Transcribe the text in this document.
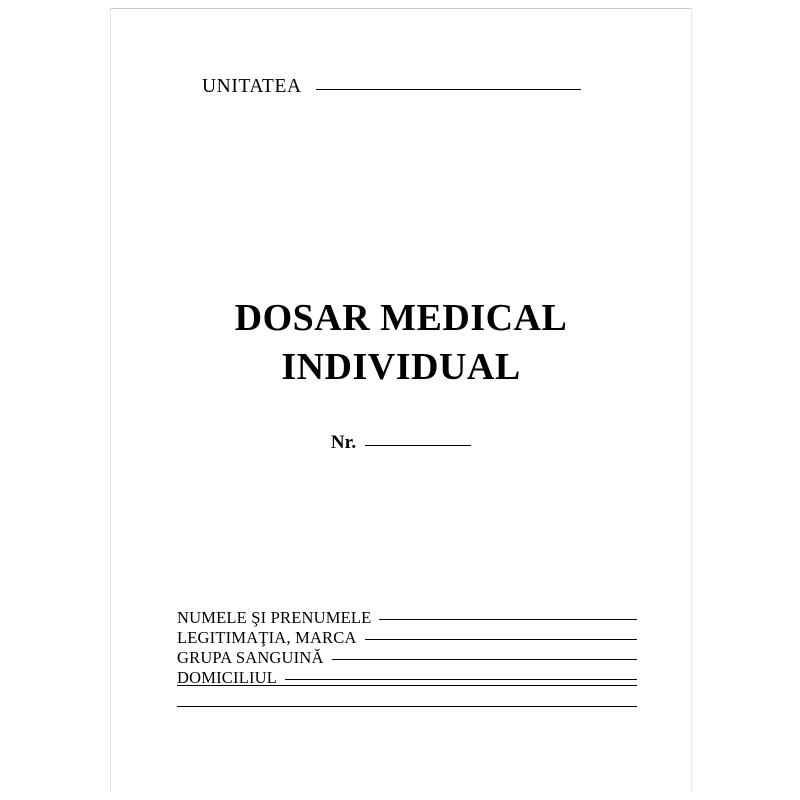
UNITATEA
DOSAR MEDICAL
INDIVIDUAL
Nr.
NUMELE ŞI PRENUMELE
LEGITIMAŢIA, MARCA
GRUPA SANGUINĂ
DOMICILIUL
